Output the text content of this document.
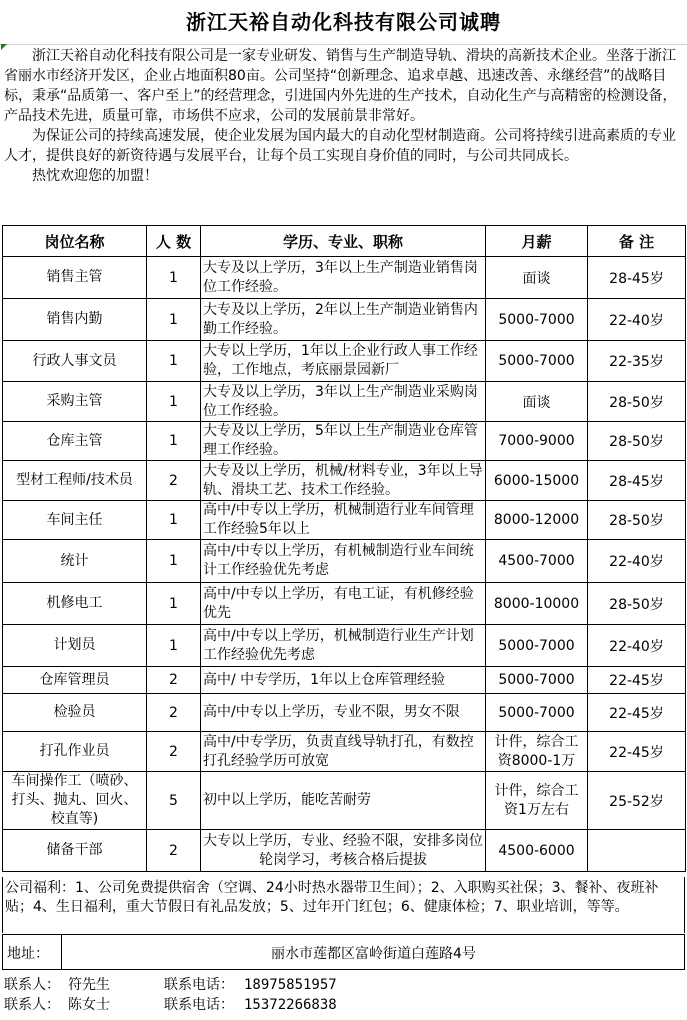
浙江天裕自动化科技有限公司诚聘

浙江天裕自动化科技有限公司是一家专业研发、销售与生产制造导轨、滑块的高新技术企业。坐落于浙江省丽水市经济开发区，企业占地面积80亩。公司坚持“创新理念、追求卓越、迅速改善、永继经营”的战略目标，秉承“品质第一、客户至上”的经营理念，引进国内外先进的生产技术，自动化生产与高精密的检测设备，产品技术先进，质量可靠，市场供不应求，公司的发展前景非常好。

为保证公司的持续高速发展，使企业发展为国内最大的自动化型材制造商。公司将持续引进高素质的专业人才，提供良好的新资待遇与发展平台，让每个员工实现自身价值的同时，与公司共同成长。

热忱欢迎您的加盟！

岗位名称	人 数	学历、专业、职称	月薪	备 注
销售主管	1	大专及以上学历，3年以上生产制造业销售岗位工作经验。	面谈	28-45岁
销售内勤	1	大专及以上学历，2年以上生产制造业销售内勤工作经验。	5000-7000	22-40岁
行政人事文员	1	大专以上学历，1年以上企业行政人事工作经验，工作地点，考底丽景园新厂	5000-7000	22-35岁
采购主管	1	大专及以上学历，3年以上生产制造业采购岗位工作经验。	面谈	28-50岁
仓库主管	1	大专及以上学历，5年以上生产制造业仓库管理工作经验。	7000-9000	28-50岁
型材工程师/技术员	2	大专及以上学历，机械/材料专业，3年以上导轨、滑块工艺、技术工作经验。	6000-15000	28-45岁
车间主任	1	高中/中专以上学历，机械制造行业车间管理工作经验5年以上	8000-12000	28-50岁
统计	1	高中/中专以上学历，有机械制造行业车间统计工作经验优先考虑	4500-7000	22-40岁
机修电工	1	高中/中专以上学历，有电工证，有机修经验优先	8000-10000	28-50岁
计划员	1	高中/中专以上学历，机械制造行业生产计划工作经验优先考虑	5000-7000	22-40岁
仓库管理员	2	高中/ 中专学历，1年以上仓库管理经验	5000-7000	22-45岁
检验员	2	高中/中专以上学历，专业不限，男女不限	5000-7000	22-45岁
打孔作业员	2	高中/中专学历，负责直线导轨打孔，有数控打孔经验学历可放宽	计件，综合工资8000-1万	22-45岁
车间操作工（喷砂、打头、抛丸、回火、校直等)	5	初中以上学历，能吃苦耐劳	计件，综合工资1万左右	25-52岁
储备干部	2	大专以上学历，专业、经验不限，安排多岗位轮岗学习，考核合格后提拔	4500-6000	
公司福利：1、公司免费提供宿舍（空调、24小时热水器带卫生间）；2、入职购买社保；3、餐补、夜班补贴；4、生日福利，重大节假日有礼品发放；5、过年开门红包；6、健康体检；7、职业培训，等等。
地址：	丽水市莲都区富岭街道白莲路4号
联系人： 符先生	联系电话： 18975851957
联系人： 陈女士	联系电话： 15372266838
